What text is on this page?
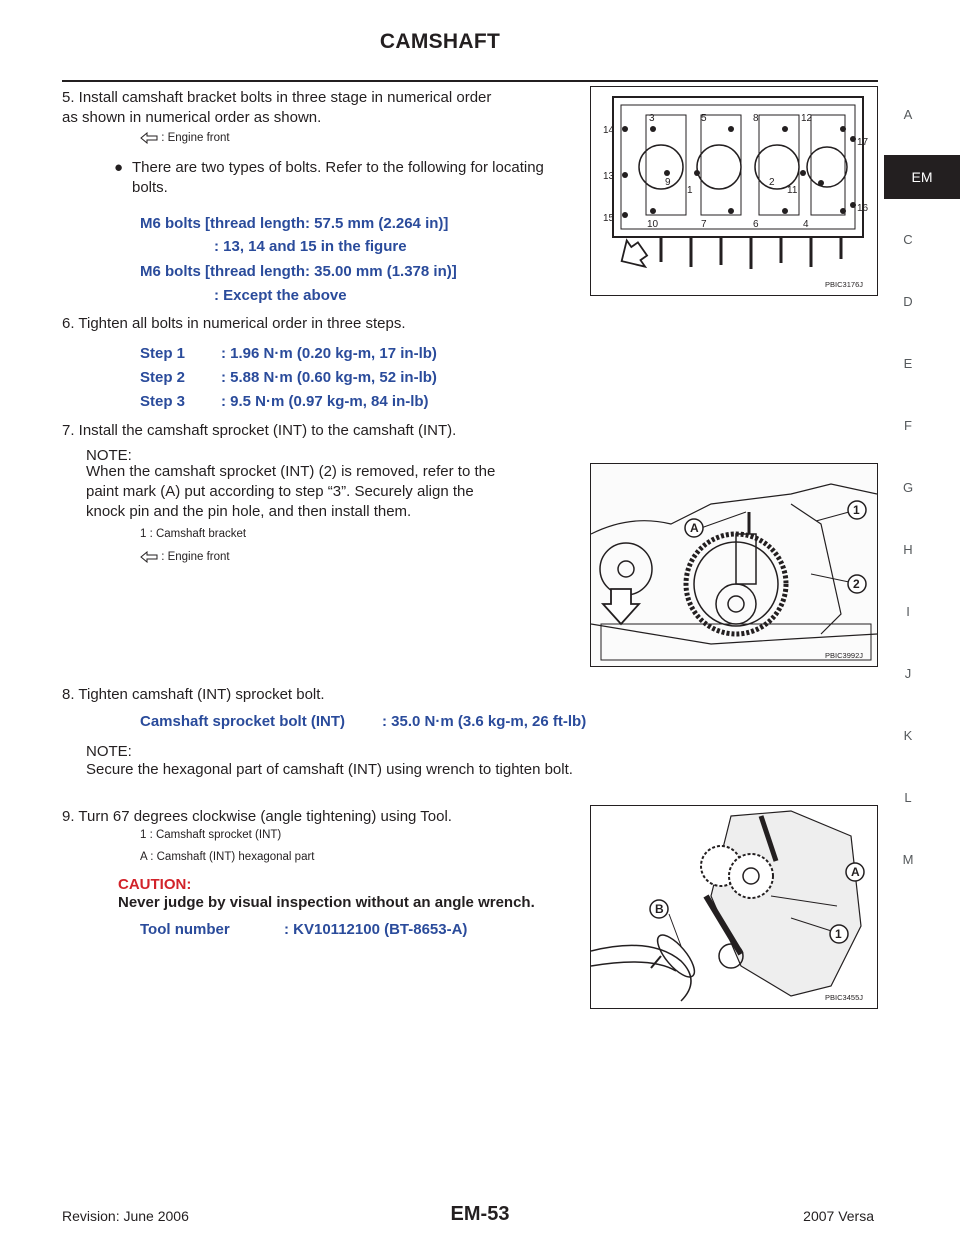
CAMSHAFT
5. Install camshaft bracket bolts in three stage in numerical order
as shown in numerical order as shown.
: Engine front
● There are two types of bolts. Refer to the following for locating
bolts.
M6 bolts [thread length: 57.5 mm (2.264 in)]
: 13, 14 and 15 in the figure
M6 bolts [thread length: 35.00 mm (1.378 in)]
: Except the above
14
3	5	8	12
17
13
9
1
2
11
16
15
10	7	6	4
PBIC3176J
6. Tighten all bolts in numerical order in three steps.
Step 1 : 1.96 N·m (0.20 kg-m, 17 in-lb)
Step 2 : 5.88 N·m (0.60 kg-m, 52 in-lb)
Step 3 : 9.5 N·m (0.97 kg-m, 84 in-lb)
7. Install the camshaft sprocket (INT) to the camshaft (INT).
NOTE:
When the camshaft sprocket (INT) (2) is removed, refer to the
paint mark (A) put according to step “3”. Securely align the
knock pin and the pin hole, and then install them.
1 : Camshaft bracket
: Engine front
A
1
2
PBIC3992J
8. Tighten camshaft (INT) sprocket bolt.
Camshaft sprocket bolt (INT) : 35.0 N·m (3.6 kg-m, 26 ft-lb)
NOTE:
Secure the hexagonal part of camshaft (INT) using wrench to tighten bolt.
9. Turn 67 degrees clockwise (angle tightening) using Tool.
1 : Camshaft sprocket (INT)
A : Camshaft (INT) hexagonal part
CAUTION:
Never judge by visual inspection without an angle wrench.
Tool number	: KV10112100 (BT-8653-A)
B
A
1
PBIC3455J
A
EM
C
D
E
F
G
H
I
J
K
L
M
Revision: June 2006	EM-53	2007 Versa
